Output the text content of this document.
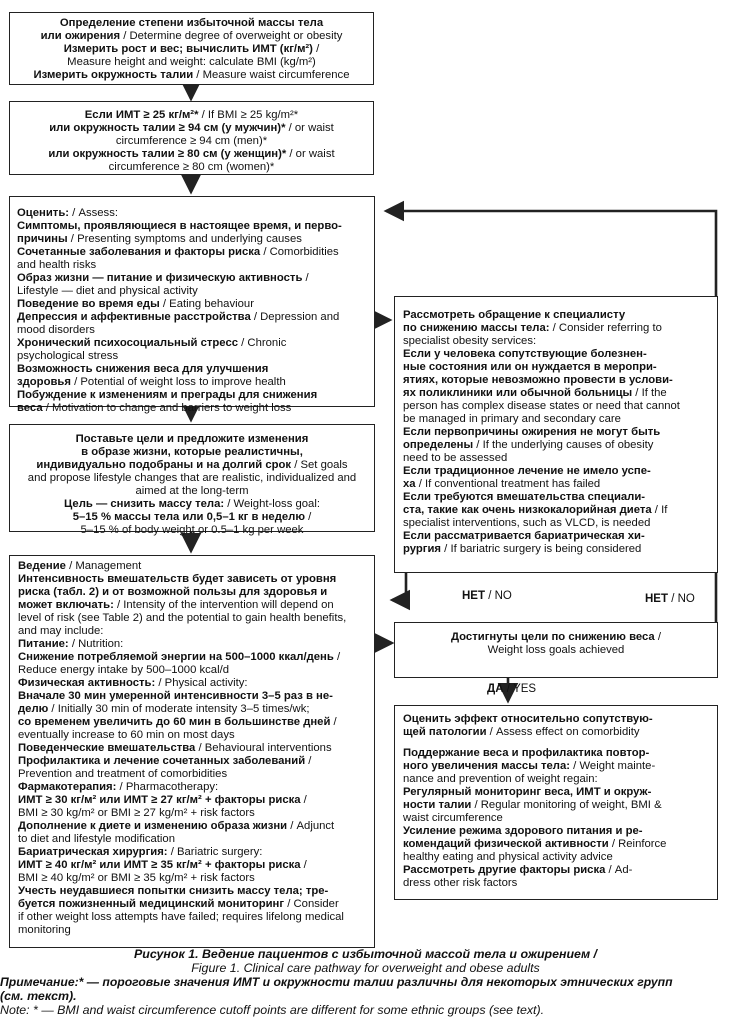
Определение степени избыточной массы тела
или ожирения / Determine degree of overweight or obesity
Измерить рост и вес; вычислить ИМТ (кг/м²) /
Measure height and weight: calculate BMI (kg/m²)
Измерить окружность талии / Measure waist circumference
Если ИМТ ≥ 25 кг/м²* / If BMI ≥ 25 kg/m²*
или окружность талии ≥ 94 см (у мужчин)* / or waist
circumference ≥ 94 cm (men)*
или окружность талии ≥ 80 см (у женщин)* / or waist
circumference ≥ 80 cm (women)*
Оценить: / Assess:
Симптомы, проявляющиеся в настоящее время, и перво-
причины / Presenting symptoms and underlying causes
Сочетанные заболевания и факторы риска / Comorbidities
and health risks
Образ жизни — питание и физическую активность /
Lifestyle — diet and physical activity
Поведение во время еды / Eating behaviour
Депрессия и аффективные расстройства / Depression and
mood disorders
Хронический психосоциальный стресс / Chronic
psychological stress
Возможность снижения веса для улучшения
здоровья / Potential of weight loss to improve health
Побуждение к изменениям и преграды для снижения
веса / Motivation to change and barriers to weight loss
Поставьте цели и предложите изменения
в образе жизни, которые реалистичны,
индивидуально подобраны и на долгий срок / Set goals
and propose lifestyle changes that are realistic, individualized and
aimed at the long-term
Цель — снизить массу тела: / Weight-loss goal:
5–15 % массы тела или 0,5–1 кг в неделю /
5–15 % of body weight or 0.5–1 kg per week
Ведение / Management
Интенсивность вмешательств будет зависеть от уровня
риска (табл. 2) и от возможной пользы для здоровья и
может включать: / Intensity of the intervention will depend on
level of risk (see Table 2) and the potential to gain health benefits,
and may include:
Питание: / Nutrition:
Снижение потребляемой энергии на 500–1000 ккал/день /
Reduce energy intake by 500–1000 kcal/d
Физическая активность: / Physical activity:
Вначале 30 мин умеренной интенсивности 3–5 раз в не-
делю / Initially 30 min of moderate intensity 3–5 times/wk;
со временем увеличить до 60 мин в большинстве дней /
eventually increase to 60 min on most days
Поведенческие вмешательства / Behavioural interventions
Профилактика и лечение сочетанных заболеваний /
Prevention and treatment of comorbidities
Фармакотерапия: / Pharmacotherapy:
ИМТ ≥ 30 кг/м² или ИМТ ≥ 27 кг/м² + факторы риска /
BMI ≥ 30 kg/m² or BMI ≥ 27 kg/m² + risk factors
Дополнение к диете и изменению образа жизни / Adjunct
to diet and lifestyle modification
Бариатрическая хирургия: / Bariatric surgery:
ИМТ ≥ 40 кг/м² или ИМТ ≥ 35 кг/м² + факторы риска /
BMI ≥ 40 kg/m² or BMI ≥ 35 kg/m² + risk factors
Учесть неудавшиеся попытки снизить массу тела; тре-
буется пожизненный медицинский мониторинг / Consider
if other weight loss attempts have failed; requires lifelong medical
monitoring
Рассмотреть обращение к специалисту
по снижению массы тела: / Consider referring to
specialist obesity services:
Если у человека сопутствующие болезнен-
ные состояния или он нуждается в меропри-
ятиях, которые невозможно провести в услови-
ях поликлиники или обычной больницы / If the
person has complex disease states or need that cannot
be managed in primary and secondary care
Если первопричины ожирения не могут быть
определены / If the underlying causes of obesity
need to be assessed
Если традиционное лечение не имело успе-
ха / If conventional treatment has failed
Если требуются вмешательства специали-
ста, такие как очень низкокалорийная диета / If
specialist interventions, such as VLCD, is needed
Если рассматривается бариатрическая хи-
рургия / If bariatric surgery is being considered
Достигнуты цели по снижению веса /
Weight loss goals achieved
Оценить эффект относительно сопутствую-
щей патологии / Assess effect on comorbidity

Поддержание веса и профилактика повтор-
ного увеличения массы тела: / Weight mainte-
nance and prevention of weight regain:
Регулярный мониторинг веса, ИМТ и окруж-
ности талии / Regular monitoring of weight, BMI &
waist circumference
Усиление режима здорового питания и ре-
комендаций физической активности / Reinforce
healthy eating and physical activity advice
Рассмотреть другие факторы риска / Ad-
dress other risk factors
НЕТ / NO	НЕТ / NO
ДА / YES
Рисунок 1. Ведение пациентов с избыточной массой тела и ожирением /
Figure 1. Clinical care pathway for overweight and obese adults
Примечание:* — пороговые значения ИМТ и окружности талии различны для некоторых этнических групп
(см. текст).
Note: * — BMI and waist circumference cutoff points are different for some ethnic groups (see text).
